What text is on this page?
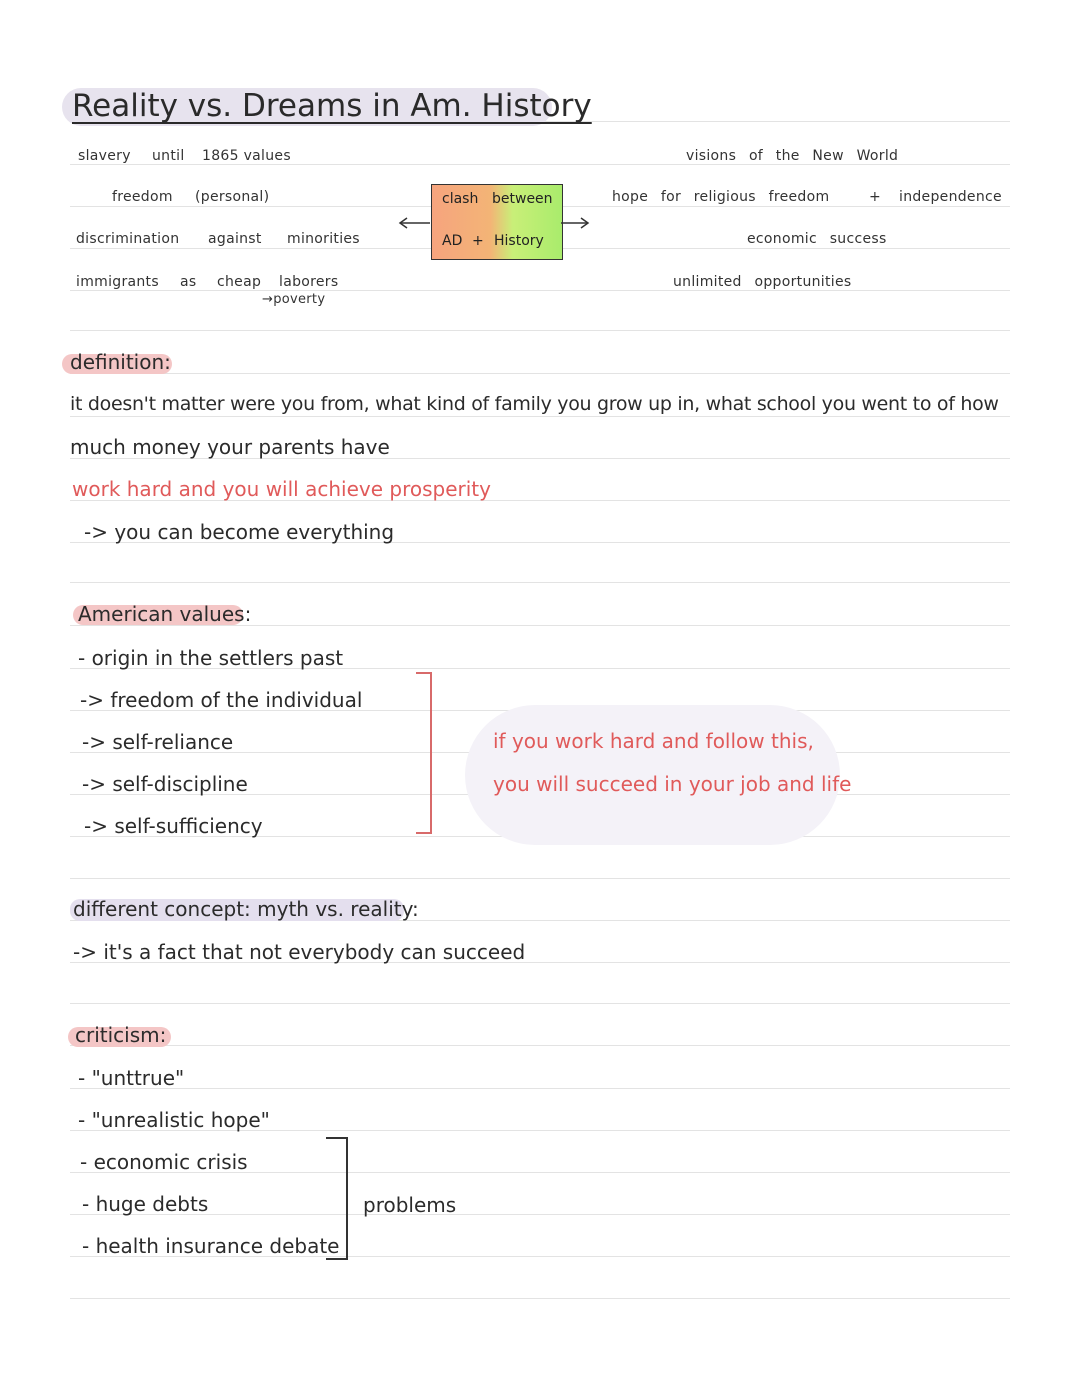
Reality vs. Dreams in Am. History
slavery until 1865 values
freedom (personal)
discrimination against minorities
immigrants as cheap laborers
→poverty
clash between
AD + History
visions of the New World
hope for religious freedom	+ independence
economic success
unlimited opportunities
definition:
it doesn't matter were you from, what kind of family you grow up in, what school you went to of how
much money your parents have
work hard and you will achieve prosperity
-> you can become everything
American values:
- origin in the settlers past
-> freedom of the individual
-> self-reliance
-> self-discipline
-> self-sufficiency
if you work hard and follow this,
you will succeed in your job and life
different concept: myth vs. reality:
-> it's a fact that not everybody can succeed
criticism:
- "unttrue"
- "unrealistic hope"
- economic crisis
- huge debts
- health insurance debate
problems
